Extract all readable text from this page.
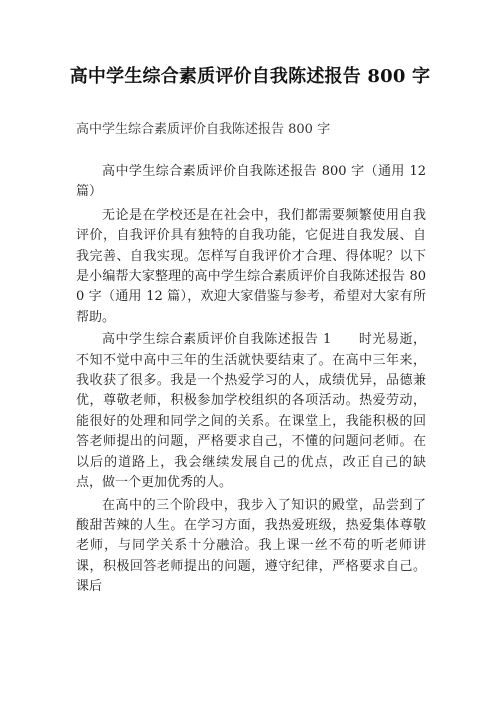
高中学生综合素质评价自我陈述报告 800 字
高中学生综合素质评价自我陈述报告 800 字

高中学生综合素质评价自我陈述报告 800 字（通用 12 篇）

无论是在学校还是在社会中，我们都需要频繁使用自我评价，自我评价具有独特的自我功能，它促进自我发展、自我完善、自我实现。怎样写自我评价才合理、得体呢？以下是小编帮大家整理的高中学生综合素质评价自我陈述报告 800 字（通用 12 篇），欢迎大家借鉴与参考，希望对大家有所帮助。

高中学生综合素质评价自我陈述报告 1　　时光易逝，不知不觉中高中三年的生活就快要结束了。在高中三年来，我收获了很多。我是一个热爱学习的人，成绩优异，品德兼优，尊敬老师，积极参加学校组织的各项活动。热爱劳动，能很好的处理和同学之间的关系。在课堂上，我能积极的回答老师提出的问题，严格要求自己，不懂的问题问老师。在以后的道路上，我会继续发展自己的优点，改正自己的缺点，做一个更加优秀的人。

在高中的三个阶段中，我步入了知识的殿堂，品尝到了酸甜苦辣的人生。在学习方面，我热爱班级，热爱集体尊敬老师，与同学关系十分融洽。我上课一丝不苟的听老师讲课，积极回答老师提出的问题，遵守纪律，严格要求自己。课后
